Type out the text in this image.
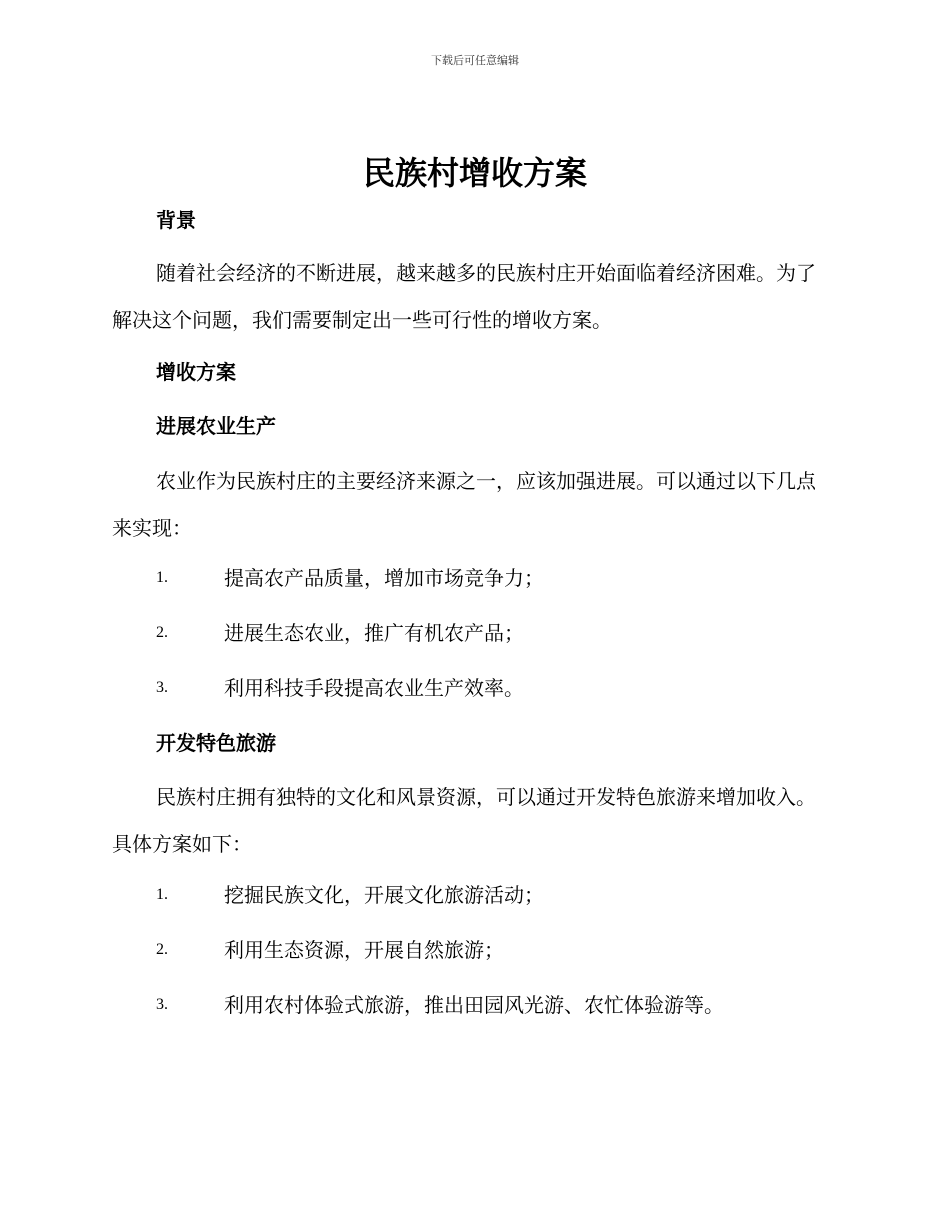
下载后可任意编辑
民族村增收方案
背景

随着社会经济的不断进展，越来越多的民族村庄开始面临着经济困难。为了解决这个问题，我们需要制定出一些可行性的增收方案。

增收方案
进展农业生产

农业作为民族村庄的主要经济来源之一，应该加强进展。可以通过以下几点来实现：

1.	提高农产品质量，增加市场竞争力；
2.	进展生态农业，推广有机农产品；
3.	利用科技手段提高农业生产效率。
开发特色旅游

民族村庄拥有独特的文化和风景资源，可以通过开发特色旅游来增加收入。具体方案如下：

1.	挖掘民族文化，开展文化旅游活动；
2.	利用生态资源，开展自然旅游；
3.	利用农村体验式旅游，推出田园风光游、农忙体验游等。
